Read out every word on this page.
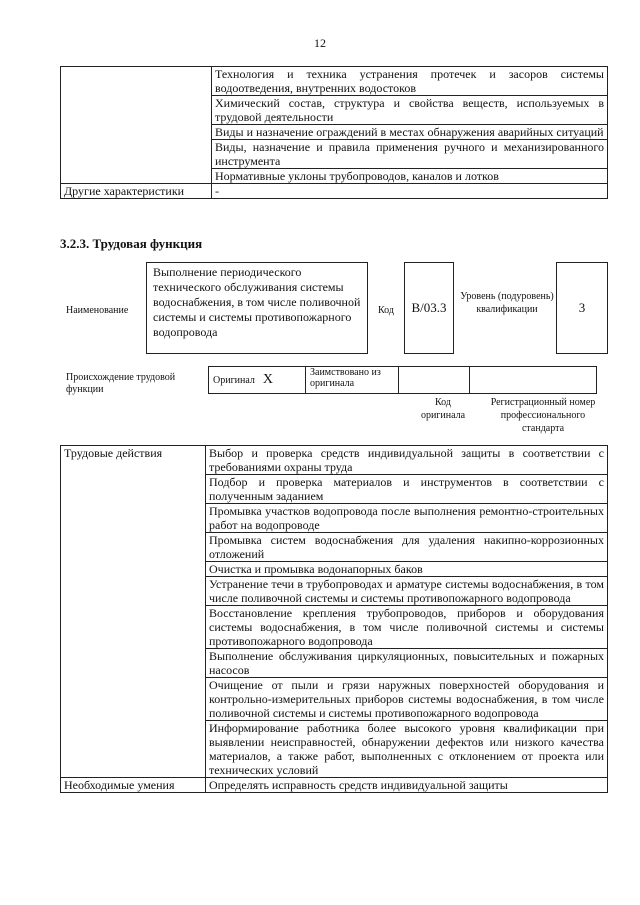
12
	Технология и техника устранения протечек и засоров системы водоотведения, внутренних водостоков
	Химический состав, структура и свойства веществ, используемых в трудовой деятельности
	Виды и назначение ограждений в местах обнаружения аварийных ситуаций
	Виды, назначение и правила применения ручного и механизированного инструмента
	Нормативные уклоны трубопроводов, каналов и лотков
Другие характеристики	-
3.2.3. Трудовая функция
Наименование
Выполнение периодического технического обслуживания системы водоснабжения, в том числе поливочной системы и системы противопожарного водопровода
Код	В/03.3
Уровень (подуровень) квалификации	3
Происхождение трудовой функции
Оригинал X	Заимствовано из оригинала		
Код оригинала
Регистрационный номер профессионального стандарта
Трудовые действия	Выбор и проверка средств индивидуальной защиты в соответствии с требованиями охраны труда
	Подбор и проверка материалов и инструментов в соответствии с полученным заданием
	Промывка участков водопровода после выполнения ремонтно-строительных работ на водопроводе
	Промывка систем водоснабжения для удаления накипно-коррозионных отложений
	Очистка и промывка водонапорных баков
	Устранение течи в трубопроводах и арматуре системы водоснабжения, в том числе поливочной системы и системы противопожарного водопровода
	Восстановление крепления трубопроводов, приборов и оборудования системы водоснабжения, в том числе поливочной системы и системы противопожарного водопровода
	Выполнение обслуживания циркуляционных, повысительных и пожарных насосов
	Очищение от пыли и грязи наружных поверхностей оборудования и контрольно-измерительных приборов системы водоснабжения, в том числе поливочной системы и системы противопожарного водопровода
	Информирование работника более высокого уровня квалификации при выявлении неисправностей, обнаружении дефектов или низкого качества материалов, а также работ, выполненных с отклонением от проекта или технических условий
Необходимые умения	Определять исправность средств индивидуальной защиты
